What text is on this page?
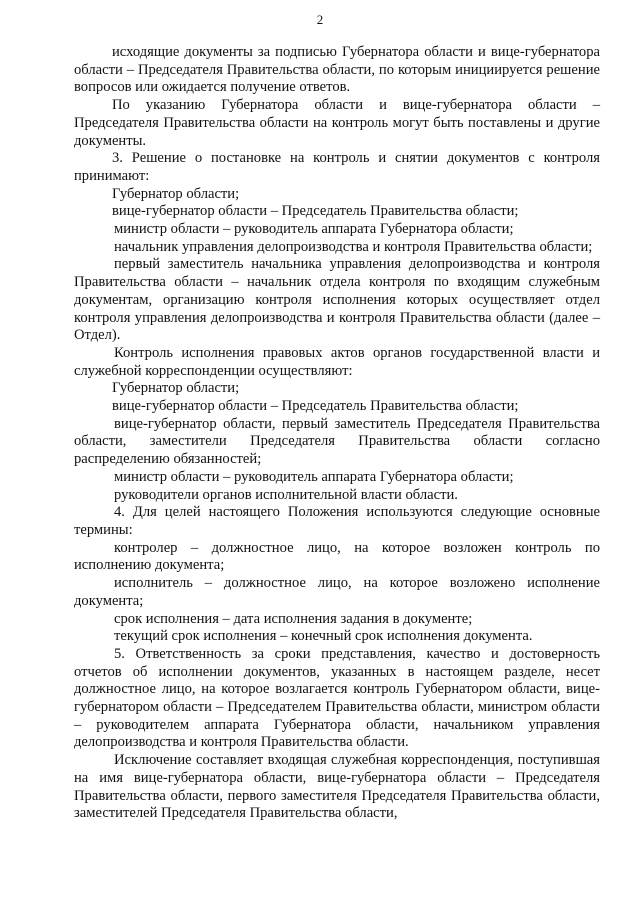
2

исходящие документы за подписью Губернатора области и вице-губернатора области – Председателя Правительства области, по которым инициируется решение вопросов или ожидается получение ответов.

По указанию Губернатора области и вице-губернатора области – Председателя Правительства области на контроль могут быть поставлены и другие документы.

3. Решение о постановке на контроль и снятии документов с контроля принимают:

Губернатор области;

вице-губернатор области – Председатель Правительства области;

министр области – руководитель аппарата Губернатора области;

начальник управления делопроизводства и контроля Правительства области;

первый заместитель начальника управления делопроизводства и контроля Правительства области – начальник отдела контроля по входящим служебным документам, организацию контроля исполнения которых осуществляет отдел контроля управления делопроизводства и контроля Правительства области (далее – Отдел).

Контроль исполнения правовых актов органов государственной власти и служебной корреспонденции осуществляют:

Губернатор области;

вице-губернатор области – Председатель Правительства области;

вице-губернатор области, первый заместитель Председателя Правительства области, заместители Председателя Правительства области согласно распределению обязанностей;

министр области – руководитель аппарата Губернатора области;

руководители органов исполнительной власти области.

4. Для целей настоящего Положения используются следующие основные термины:

контролер – должностное лицо, на которое возложен контроль по исполнению документа;

исполнитель – должностное лицо, на которое возложено исполнение документа;

срок исполнения – дата исполнения задания в документе;

текущий срок исполнения – конечный срок исполнения документа.

5. Ответственность за сроки представления, качество и достоверность отчетов об исполнении документов, указанных в настоящем разделе, несет должностное лицо, на которое возлагается контроль Губернатором области, вице-губернатором области – Председателем Правительства области, министром области – руководителем аппарата Губернатора области, начальником управления делопроизводства и контроля Правительства области.

Исключение составляет входящая служебная корреспонденция, поступившая на имя вице-губернатора области, вице-губернатора области – Председателя Правительства области, первого заместителя Председателя Правительства области, заместителей Председателя Правительства области,
